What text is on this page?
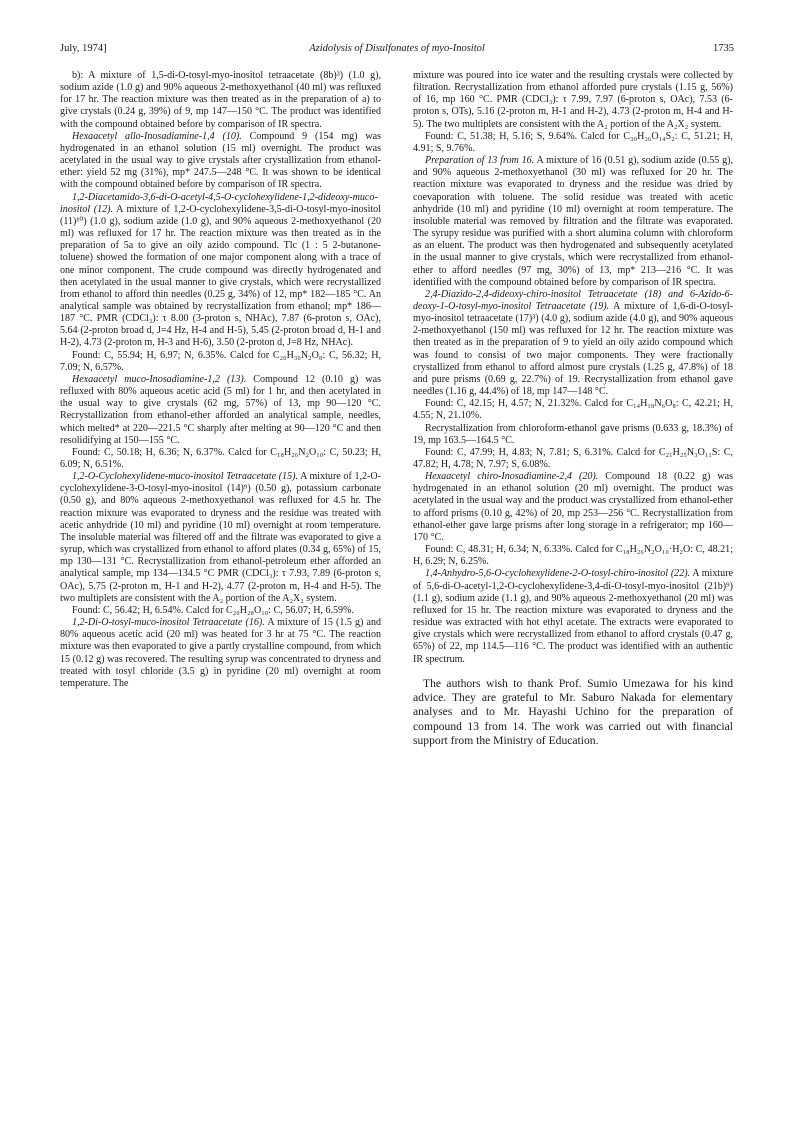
July, 1974]	Azidolysis of Disulfonates of myo-Inositol	1735

b): A mixture of 1,5-di-O-tosyl-myo-inositol tetraacetate (8b)³) (1.0 g), sodium azide (1.0 g) and 90% aqueous 2-methoxyethanol (40 ml) was refluxed for 17 hr. The reaction mixture was then treated as in the preparation of a) to give crystals (0.24 g, 39%) of 9, mp 147—150 °C. The product was identified with the compound obtained before by comparison of IR spectra.

Hexaacetyl allo-Inosadiamine-1,4 (10). Compound 9 (154 mg) was hydrogenated in an ethanol solution (15 ml) overnight. The product was acetylated in the usual way to give crystals after crystallization from ethanol-ether: yield 52 mg (31%), mp* 247.5—248 °C. It was shown to be identical with the compound obtained before by comparison of IR spectra.

1,2-Diacetamido-3,6-di-O-acetyl-4,5-O-cyclohexylidene-1,2-dideoxy-muco-inositol (12). A mixture of 1,2-O-cyclohexylidene-3,5-di-O-tosyl-myo-inositol (11)¹⁰) (1.0 g), sodium azide (1.0 g), and 90% aqueous 2-methoxyethanol (20 ml) was refluxed for 17 hr. The reaction mixture was then treated as in the preparation of 5a to give an oily azido compound. Tlc (1 : 5 2-butanone-toluene) showed the formation of one major component along with a trace of one minor component. The crude compound was directly hydrogenated and then acetylated in the usual manner to give crystals, which were recrystallized from ethanol to afford thin needles (0.25 g, 34%) of 12, mp* 182—185 °C. An analytical sample was obtained by recrystallization from ethanol; mp* 186—187 °C. PMR (CDCl₃): τ 8.00 (3-proton s, NHAc), 7.87 (6-proton s, OAc), 5.64 (2-proton broad d, J=4 Hz, H-4 and H-5), 5.45 (2-proton broad d, H-1 and H-2), 4.73 (2-proton m, H-3 and H-6), 3.50 (2-proton d, J=8 Hz, NHAc).

Found: C, 55.94; H, 6.97; N, 6.35%. Calcd for C₂₀H₃₀N₂O₈: C, 56.32; H, 7.09; N, 6.57%.

Hexaacetyl muco-Inosadiamine-1,2 (13). Compound 12 (0.10 g) was refluxed with 80% aqueous acetic acid (5 ml) for 1 hr, and then acetylated in the usual way to give crystals (62 mg, 57%) of 13, mp 90—120 °C. Recrystallization from ethanol-ether afforded an analytical sample, needles, which melted* at 220—221.5 °C sharply after melting at 90—120 °C and then resolidifying at 150—155 °C.

Found: C, 50.18; H, 6.36; N, 6.37%. Calcd for C₁₈H₂₆N₂O₁₀: C, 50.23; H, 6.09; N, 6.51%.

1,2-O-Cyclohexylidene-muco-inositol Tetraacetate (15). A mixture of 1,2-O-cyclohexylidene-3-O-tosyl-myo-inositol (14)⁹) (0.50 g), potassium carbonate (0.50 g), and 80% aqueous 2-methoxyethanol was refluxed for 4.5 hr. The reaction mixture was evaporated to dryness and the residue was treated with acetic anhydride (10 ml) and pyridine (10 ml) overnight at room temperature. The insoluble material was filtered off and the filtrate was evaporated to give a syrup, which was crystallized from ethanol to afford plates (0.34 g, 65%) of 15, mp 130—131 °C. Recrystallization from ethanol-petroleum ether afforded an analytical sample, mp 134—134.5 °C PMR (CDCl₃): τ 7.93, 7.89 (6-proton s, OAc), 5.75 (2-proton m, H-1 and H-2), 4.77 (2-proton m, H-4 and H-5). The two multiplets are consistent with the A₂ portion of the A₂X₂ system.

Found: C, 56.42; H, 6.54%. Calcd for C₂₀H₂₈O₁₀: C, 56.07; H, 6.59%.

1,2-Di-O-tosyl-muco-inositol Tetraacetate (16). A mixture of 15 (1.5 g) and 80% aqueous acetic acid (20 ml) was heated for 3 hr at 75 °C. The reaction mixture was then evaporated to give a partly crystalline compound, from which 15 (0.12 g) was recovered. The resulting syrup was concentrated to dryness and treated with tosyl chloride (3.5 g) in pyridine (20 ml) overnight at room temperature. The

mixture was poured into ice water and the resulting crystals were collected by filtration. Recrystallization from ethanol afforded pure crystals (1.15 g, 56%) of 16, mp 160 °C. PMR (CDCl₃): τ 7.99, 7.97 (6-proton s, OAc), 7.53 (6-proton s, OTs), 5.16 (2-proton m, H-1 and H-2), 4.73 (2-proton m, H-4 and H-5). The two multiplets are consistent with the A₂ portion of the A₂X₂ system.

Found: C, 51.38; H, 5.16; S, 9.64%. Calcd for C₃₀H₃₆O₁₄S₂: C, 51.21; H, 4.91; S, 9.76%.

Preparation of 13 from 16. A mixture of 16 (0.51 g), sodium azide (0.55 g), and 90% aqueous 2-methoxyethanol (30 ml) was refluxed for 20 hr. The reaction mixture was evaporated to dryness and the residue was dried by coevaporation with toluene. The solid residue was treated with acetic anhydride (10 ml) and pyridine (10 ml) overnight at room temperature. The insoluble material was removed by filtration and the filtrate was evaporated. The syrupy residue was purified with a short alumina column with chloroform as an eluent. The product was then hydrogenated and subsequently acetylated in the usual manner to give crystals, which were recrystallized from ethanol-ether to afford needles (97 mg, 30%) of 13, mp* 213—216 °C. It was identified with the compound obtained before by comparison of IR spectra.

2,4-Diazido-2,4-dideoxy-chiro-inositol Tetraacetate (18) and 6-Azido-6-deoxy-1-O-tosyl-myo-inositol Tetraacetate (19). A mixture of 1,6-di-O-tosyl-myo-inositol tetraacetate (17)³) (4.0 g), sodium azide (4.0 g), and 90% aqueous 2-methoxyethanol (150 ml) was refluxed for 12 hr. The reaction mixture was then treated as in the preparation of 9 to yield an oily azido compound which was found to consist of two major components. They were fractionally crystallized from ethanol to afford almost pure crystals (1.25 g, 47.8%) of 18 and pure prisms (0.69 g, 22.7%) of 19. Recrystallization from ethanol gave needles (1.16 g, 44.4%) of 18, mp 147—148 °C.

Found: C, 42.15; H, 4.57; N, 21.32%. Calcd for C₁₄H₁₈N₆O₈: C, 42.21; H, 4.55; N, 21.10%.

Recrystallization from chloroform-ethanol gave prisms (0.633 g, 18.3%) of 19, mp 163.5—164.5 °C.

Found: C, 47.99; H, 4.83; N, 7.81; S, 6.31%. Calcd for C₂₁H₂₅N₃O₁₁S: C, 47.82; H, 4.78; N, 7.97; S, 6.08%.

Hexaacetyl chiro-Inosadiamine-2,4 (20). Compound 18 (0.22 g) was hydrogenated in an ethanol solution (20 ml) overnight. The product was acetylated in the usual way and the product was crystallized from ethanol-ether to afford prisms (0.10 g, 42%) of 20, mp 253—256 °C. Recrystallization from ethanol-ether gave large prisms after long storage in a refrigerator; mp 160—170 °C.

Found: C, 48.31; H, 6.34; N, 6.33%. Calcd for C₁₈H₂₆N₂O₁₀·H₂O: C, 48.21; H, 6.29; N, 6.25%.

1,4-Anhydro-5,6-O-cyclohexylidene-2-O-tosyl-chiro-inositol (22). A mixture of 5,6-di-O-acetyl-1,2-O-cyclohexylidene-3,4-di-O-tosyl-myo-inositol (21b)⁹) (1.1 g), sodium azide (1.1 g), and 90% aqueous 2-methoxyethanol (20 ml) was refluxed for 15 hr. The reaction mixture was evaporated to dryness and the residue was extracted with hot ethyl acetate. The extracts were evaporated to give crystals which were recrystallized from ethanol to afford crystals (0.47 g, 65%) of 22, mp 114.5—116 °C. The product was identified with an authentic IR spectrum.

The authors wish to thank Prof. Sumio Umezawa for his kind advice. They are grateful to Mr. Saburo Nakada for elementary analyses and to Mr. Hayashi Uchino for the preparation of compound 13 from 14. The work was carried out with financial support from the Ministry of Education.
